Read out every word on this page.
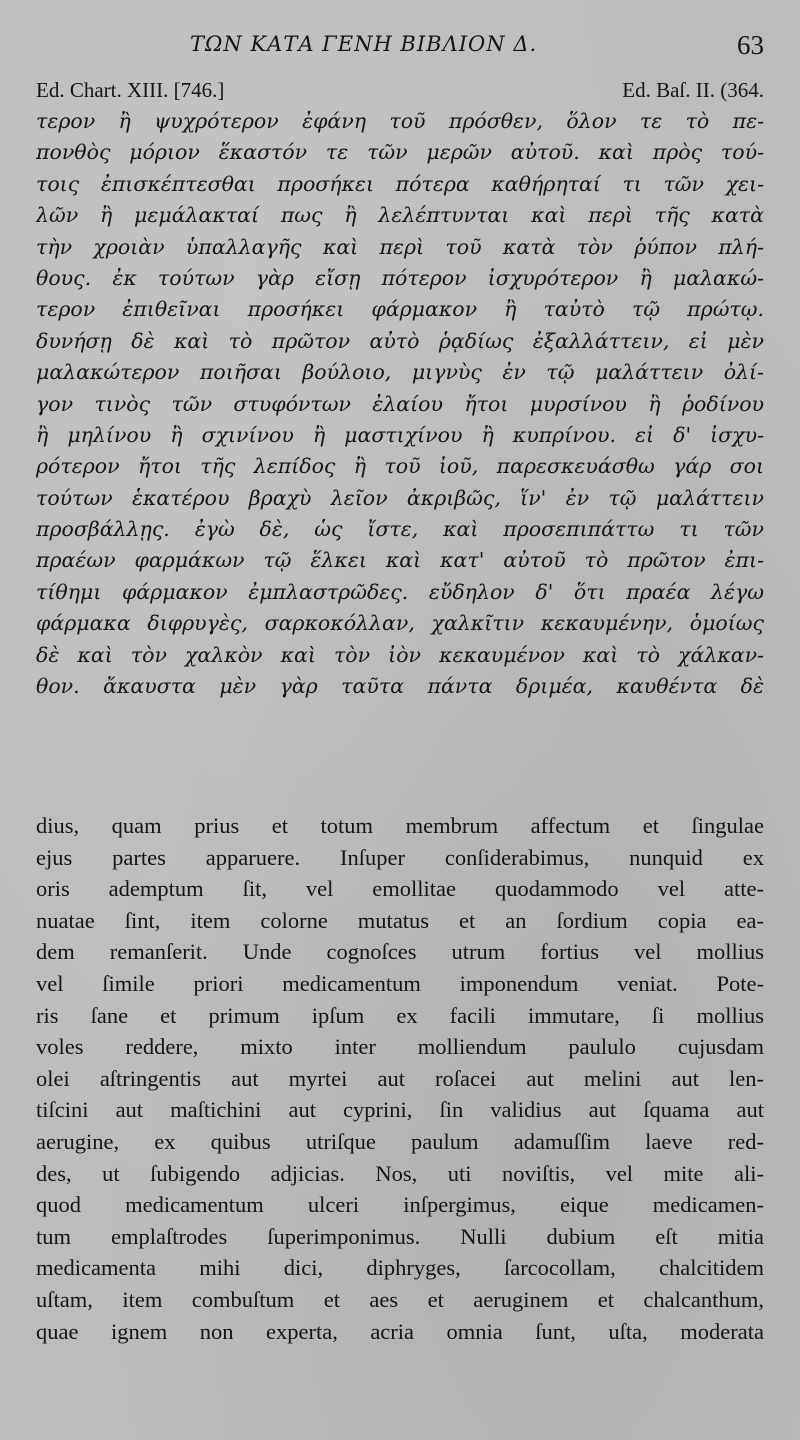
ΤΩΝ ΚΑΤΑ ΓΕΝΗ ΒΙΒΛΙΟΝ Δ.	63
Ed. Chart. XIII. [746.]	Ed. Baſ. II. (364.
τερον ἢ ψυχρότερον ἐφάνη τοῦ πρόσθεν, ὅλον τε τὸ πε-
πονθὸς μόριον ἕκαστόν τε τῶν μερῶν αὐτοῦ. καὶ πρὸς τού-
τοις ἐπισκέπτεσθαι προσήκει πότερα καθήρηταί τι τῶν χει-
λῶν ἢ μεμάλακταί πως ἢ λελέπτυνται καὶ περὶ τῆς κατὰ
τὴν χροιὰν ὑπαλλαγῆς καὶ περὶ τοῦ κατὰ τὸν ῥύπον πλή-
θους. ἐκ τούτων γὰρ εἴσῃ πότερον ἰσχυρότερον ἢ μαλακώ-
τερον ἐπιθεῖναι προσήκει φάρμακον ἢ ταὐτὸ τῷ πρώτῳ.
δυνήσῃ δὲ καὶ τὸ πρῶτον αὐτὸ ῥᾳδίως ἐξαλλάττειν, εἰ μὲν
μαλακώτερον ποιῆσαι βούλοιο, μιγνὺς ἐν τῷ μαλάττειν ὀλί-
γον τινὸς τῶν στυφόντων ἐλαίου ἤτοι μυρσίνου ἢ ῥοδίνου
ἢ μηλίνου ἢ σχινίνου ἢ μαστιχίνου ἢ κυπρίνου. εἰ δ' ἰσχυ-
ρότερον ἤτοι τῆς λεπίδος ἢ τοῦ ἰοῦ, παρεσκευάσθω γάρ σοι
τούτων ἑκατέρου βραχὺ λεῖον ἀκριβῶς, ἵν' ἐν τῷ μαλάττειν
προσβάλλῃς. ἐγὼ δὲ, ὡς ἴστε, καὶ προσεπιπάττω τι τῶν
πραέων φαρμάκων τῷ ἕλκει καὶ κατ' αὐτοῦ τὸ πρῶτον ἐπι-
τίθημι φάρμακον ἐμπλαστρῶδες. εὔδηλον δ' ὅτι πραέα λέγω
φάρμακα διφρυγὲς, σαρκοκόλλαν, χαλκῖτιν κεκαυμένην, ὁμοίως
δὲ καὶ τὸν χαλκὸν καὶ τὸν ἰὸν κεκαυμένον καὶ τὸ χάλκαν-
θον. ἄκαυστα μὲν γὰρ ταῦτα πάντα δριμέα, καυθέντα δὲ
dius, quam prius et totum membrum affectum et ſingulae
ejus partes apparuere. Inſuper conſiderabimus, nunquid ex
oris ademptum ſit, vel emollitae quodammodo vel atte-
nuatae ſint, item colorne mutatus et an ſordium copia ea-
dem remanſerit. Unde cognoſces utrum fortius vel mollius
vel ſimile priori medicamentum imponendum veniat. Pote-
ris ſane et primum ipſum ex facili immutare, ſi mollius
voles reddere, mixto inter molliendum paululo cujusdam
olei aſtringentis aut myrtei aut roſacei aut melini aut len-
tiſcini aut maſtichini aut cyprini, ſin validius aut ſquama aut
aerugine, ex quibus utriſque paulum adamuſſim laeve red-
des, ut ſubigendo adjicias. Nos, uti noviſtis, vel mite ali-
quod medicamentum ulceri inſpergimus, eique medicamen-
tum emplaſtrodes ſuperimponimus. Nulli dubium eſt mitia
medicamenta mihi dici, diphryges, ſarcocollam, chalcitidem
uſtam, item combuſtum et aes et aeruginem et chalcanthum,
quae ignem non experta, acria omnia ſunt, uſta, moderata
